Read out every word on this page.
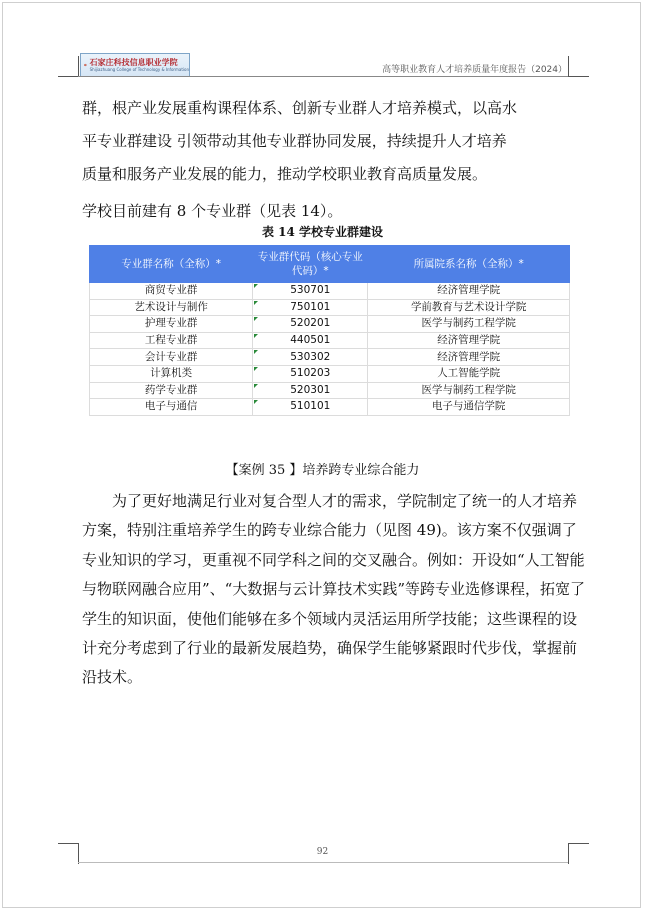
石家庄科技信息职业学院
Shijiazhuang College of Technology & Information	高等职业教育人才培养质量年度报告（2024）
群，根产业发展重构课程体系、创新专业群人才培养模式，以高水
平专业群建设 引领带动其他专业群协同发展，持续提升人才培养
质量和服务产业发展的能力，推动学校职业教育高质量发展。
学校目前建有 8 个专业群（见表 14）。
表 14 学校专业群建设
专业群名称（全称）*	专业群代码（核心专业代码）*	所属院系名称（全称）*
商贸专业群	530701	经济管理学院
艺术设计与制作	750101	学前教育与艺术设计学院
护理专业群	520201	医学与制药工程学院
工程专业群	440501	经济管理学院
会计专业群	530302	经济管理学院
计算机类	510203	人工智能学院
药学专业群	520301	医学与制药工程学院
电子与通信	510101	电子与通信学院
【案例 35 】培养跨专业综合能力
为了更好地满足行业对复合型人才的需求，学院制定了统一的人才培养
方案，特别注重培养学生的跨专业综合能力（见图 49)。该方案不仅强调了
专业知识的学习，更重视不同学科之间的交叉融合。例如：开设如“人工智能
与物联网融合应用”、“大数据与云计算技术实践”等跨专业选修课程，拓宽了
学生的知识面，使他们能够在多个领域内灵活运用所学技能；这些课程的设
计充分考虑到了行业的最新发展趋势，确保学生能够紧跟时代步伐，掌握前
沿技术。
92
